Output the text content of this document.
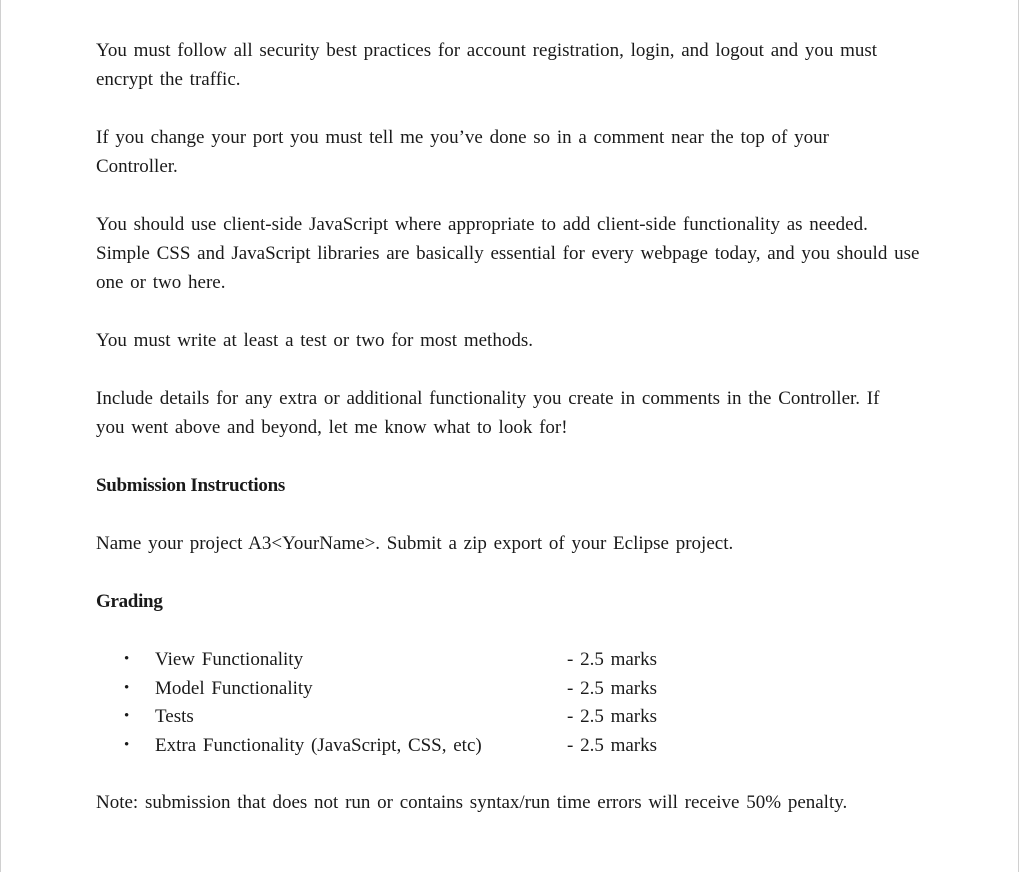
You must follow all security best practices for account registration, login, and logout and you must encrypt the traffic.

If you change your port you must tell me you’ve done so in a comment near the top of your Controller.

You should use client-side JavaScript where appropriate to add client-side functionality as needed. Simple CSS and JavaScript libraries are basically essential for every webpage today, and you should use one or two here.

You must write at least a test or two for most methods.

Include details for any extra or additional functionality you create in comments in the Controller. If you went above and beyond, let me know what to look for!

Submission Instructions

Name your project A3<YourName>. Submit a zip export of your Eclipse project.

Grading

• View Functionality	- 2.5 marks
• Model Functionality	- 2.5 marks
• Tests	- 2.5 marks
• Extra Functionality (JavaScript, CSS, etc)	- 2.5 marks

Note: submission that does not run or contains syntax/run time errors will receive 50% penalty.
